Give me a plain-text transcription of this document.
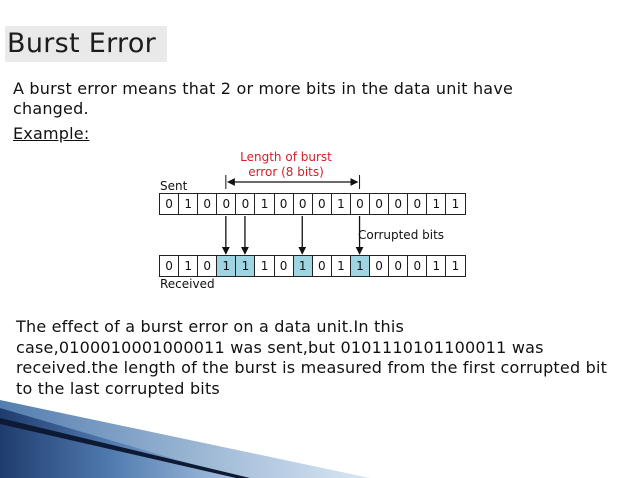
Burst Error
A burst error means that 2 or more bits in the data unit have changed.
Example:
Length of burst
error (8 bits)
Sent
0 1 0 0 0 1 0 0 0 1 0 0 0 0 1 1
Corrupted bits
0 1 0 1 1 1 0 1 0 1 1 0 0 0 1 1
Received
The effect of a burst error on a data unit.In this case,0100010001000011 was sent,but 0101110101100011 was received.the length of the burst is measured from the first corrupted bit to the last corrupted bits
